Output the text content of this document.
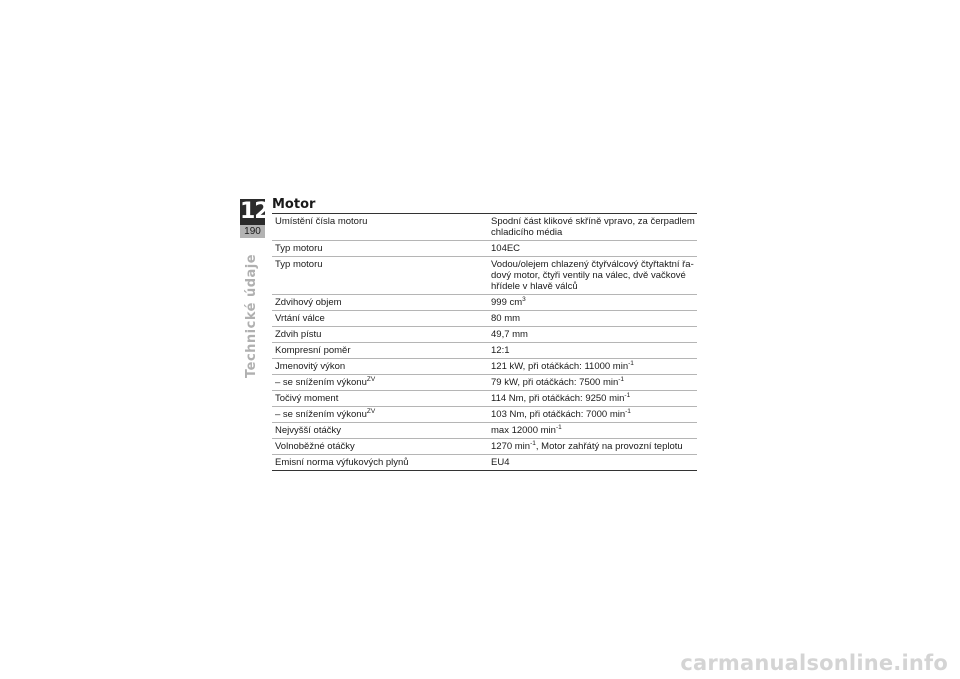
12
190
Technické údaje
Motor
Umístění čísla motoru	Spodní část klikové skříně vpravo, za čerpadlem chladicího média
Typ motoru	104EC
Typ motoru	Vodou/olejem chlazený čtyřválcový čtyřtaktní řa-dový motor, čtyři ventily na válec, dvě vačkové hřídele v hlavě válců
Zdvihový objem	999 $cm^3$
Vrtání válce	80 mm
Zdvih pístu	49,7 mm
Kompresní poměr	12:1
Jmenovitý výkon	121 kW, při otáčkách: 11000 $\min^{-1}$
– se snížením výkonu$^{ZV}$	79 kW, při otáčkách: 7500 $\min^{-1}$
Točivý moment	114 Nm, při otáčkách: 9250 $\min^{-1}$
– se snížením výkonu$^{ZV}$	103 Nm, při otáčkách: 7000 $\min^{-1}$
Nejvyšší otáčky	max 12000 $\min^{-1}$
Volnoběžné otáčky	1270 $\min^{-1}$, Motor zahřátý na provozní teplotu
Emisní norma výfukových plynů	EU4
carmanualsonline.info
